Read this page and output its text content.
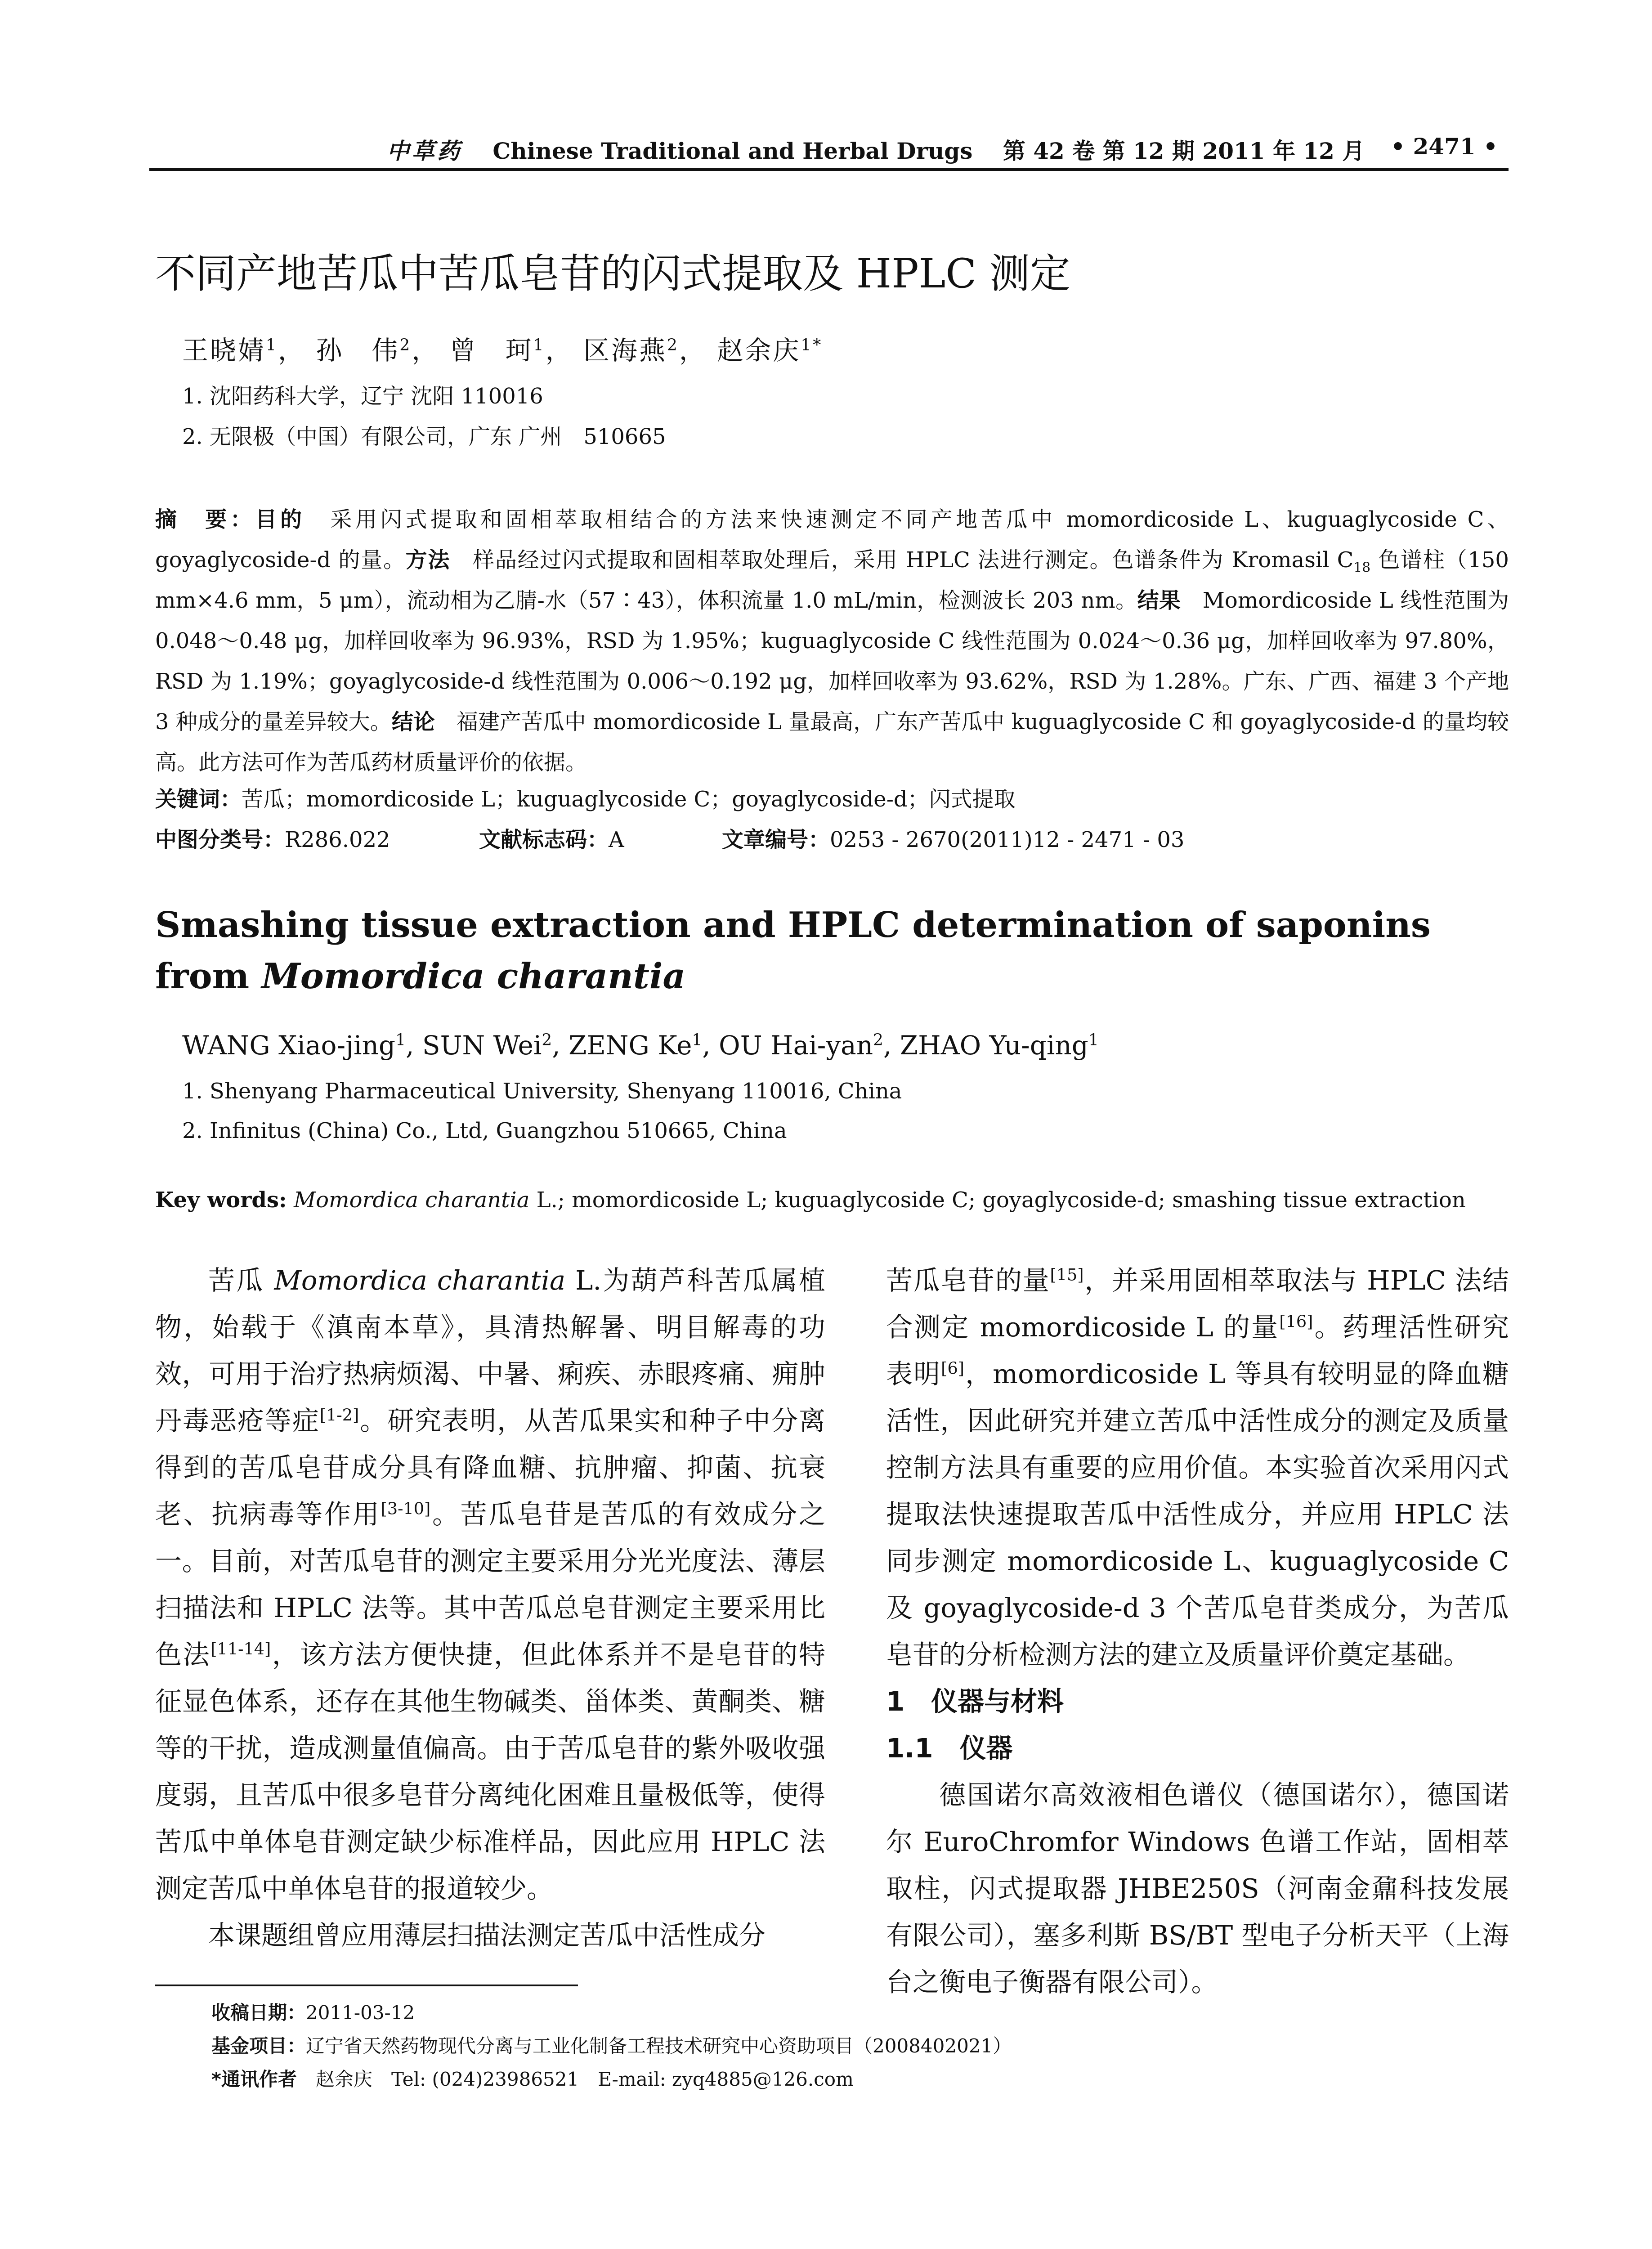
中草药　 Chinese Traditional and Herbal Drugs　 第 42 卷 第 12 期 2011 年 12 月 • 2471 •
不同产地苦瓜中苦瓜皂苷的闪式提取及 HPLC 测定
王晓婧$^1$， 孙　伟$^2$， 曾　珂$^1$， 区海燕$^2$， 赵余庆$^{1*}$
1. 沈阳药科大学，辽宁 沈阳 110016
2. 无限极（中国）有限公司，广东 广州　510665
摘　要：目的　 采用闪式提取和固相萃取相结合的方法来快速测定不同产地苦瓜中 momordicoside L、kuguaglycoside C、goyaglycoside-d 的量。方法　 样品经过闪式提取和固相萃取处理后，采用 HPLC 法进行测定。色谱条件为 Kromasil $C_{18}$ 色谱柱（150 mm×4.6 mm，5 μm），流动相为乙腈-水（57∶43），体积流量 1.0 mL/min，检测波长 203 nm。结果　 Momordicoside L 线性范围为 0.048～0.48 μg，加样回收率为 96.93%，RSD 为 1.95%；kuguaglycoside C 线性范围为 0.024～0.36 μg，加样回收率为 97.80%，RSD 为 1.19%；goyaglycoside-d 线性范围为 0.006～0.192 μg，加样回收率为 93.62%，RSD 为 1.28%。广东、广西、福建 3 个产地 3 种成分的量差异较大。结论　 福建产苦瓜中 momordicoside L 量最高，广东产苦瓜中 kuguaglycoside C 和 goyaglycoside-d 的量均较高。此方法可作为苦瓜药材质量评价的依据。
关键词：苦瓜；momordicoside L；kuguaglycoside C；goyaglycoside-d；闪式提取
中图分类号：R286.022	文献标志码：A	文章编号：0253 - 2670(2011)12 - 2471 - 03
Smashing tissue extraction and HPLC determination of saponins
from Momordica charantia
WANG Xiao-jing$^1$, SUN Wei$^2$, ZENG Ke$^1$, OU Hai-yan$^2$, ZHAO Yu-qing$^1$
1. Shenyang Pharmaceutical University, Shenyang 110016, China
2. Infinitus (China) Co., Ltd, Guangzhou 510665, China
Key words: Momordica charantia L.; momordicoside L; kuguaglycoside C; goyaglycoside-d; smashing tissue extraction

苦瓜 Momordica charantia L.为葫芦科苦瓜属植物，始载于《滇南本草》，具清热解暑、明目解毒的功效，可用于治疗热病烦渴、中暑、痢疾、赤眼疼痛、痈肿丹毒恶疮等症[1-2]。研究表明，从苦瓜果实和种子中分离得到的苦瓜皂苷成分具有降血糖、抗肿瘤、抑菌、抗衰老、抗病毒等作用[3-10]。苦瓜皂苷是苦瓜的有效成分之一。目前，对苦瓜皂苷的测定主要采用分光光度法、薄层扫描法和 HPLC 法等。其中苦瓜总皂苷测定主要采用比色法[11-14]，该方法方便快捷，但此体系并不是皂苷的特征显色体系，还存在其他生物碱类、甾体类、黄酮类、糖等的干扰，造成测量值偏高。由于苦瓜皂苷的紫外吸收强度弱，且苦瓜中很多皂苷分离纯化困难且量极低等，使得苦瓜中单体皂苷测定缺少标准样品，因此应用 HPLC 法测定苦瓜中单体皂苷的报道较少。

本课题组曾应用薄层扫描法测定苦瓜中活性成分

苦瓜皂苷的量[15]，并采用固相萃取法与 HPLC 法结合测定 momordicoside L 的量[16]。药理活性研究表明[6]，momordicoside L 等具有较明显的降血糖活性，因此研究并建立苦瓜中活性成分的测定及质量控制方法具有重要的应用价值。本实验首次采用闪式提取法快速提取苦瓜中活性成分，并应用 HPLC 法同步测定 momordicoside L、kuguaglycoside C 及 goyaglycoside-d 3 个苦瓜皂苷类成分，为苦瓜皂苷的分析检测方法的建立及质量评价奠定基础。

1　仪器与材料
1.1　仪器

德国诺尔高效液相色谱仪（德国诺尔），德国诺尔 EuroChromfor Windows 色谱工作站，固相萃取柱，闪式提取器 JHBE250S（河南金鼐科技发展有限公司），塞多利斯 BS/BT 型电子分析天平（上海台之衡电子衡器有限公司）。

收稿日期：2011-03-12
基金项目：辽宁省天然药物现代分离与工业化制备工程技术研究中心资助项目（2008402021）
*通讯作者　赵余庆　Tel: (024)23986521　E-mail: zyq4885@126.com
